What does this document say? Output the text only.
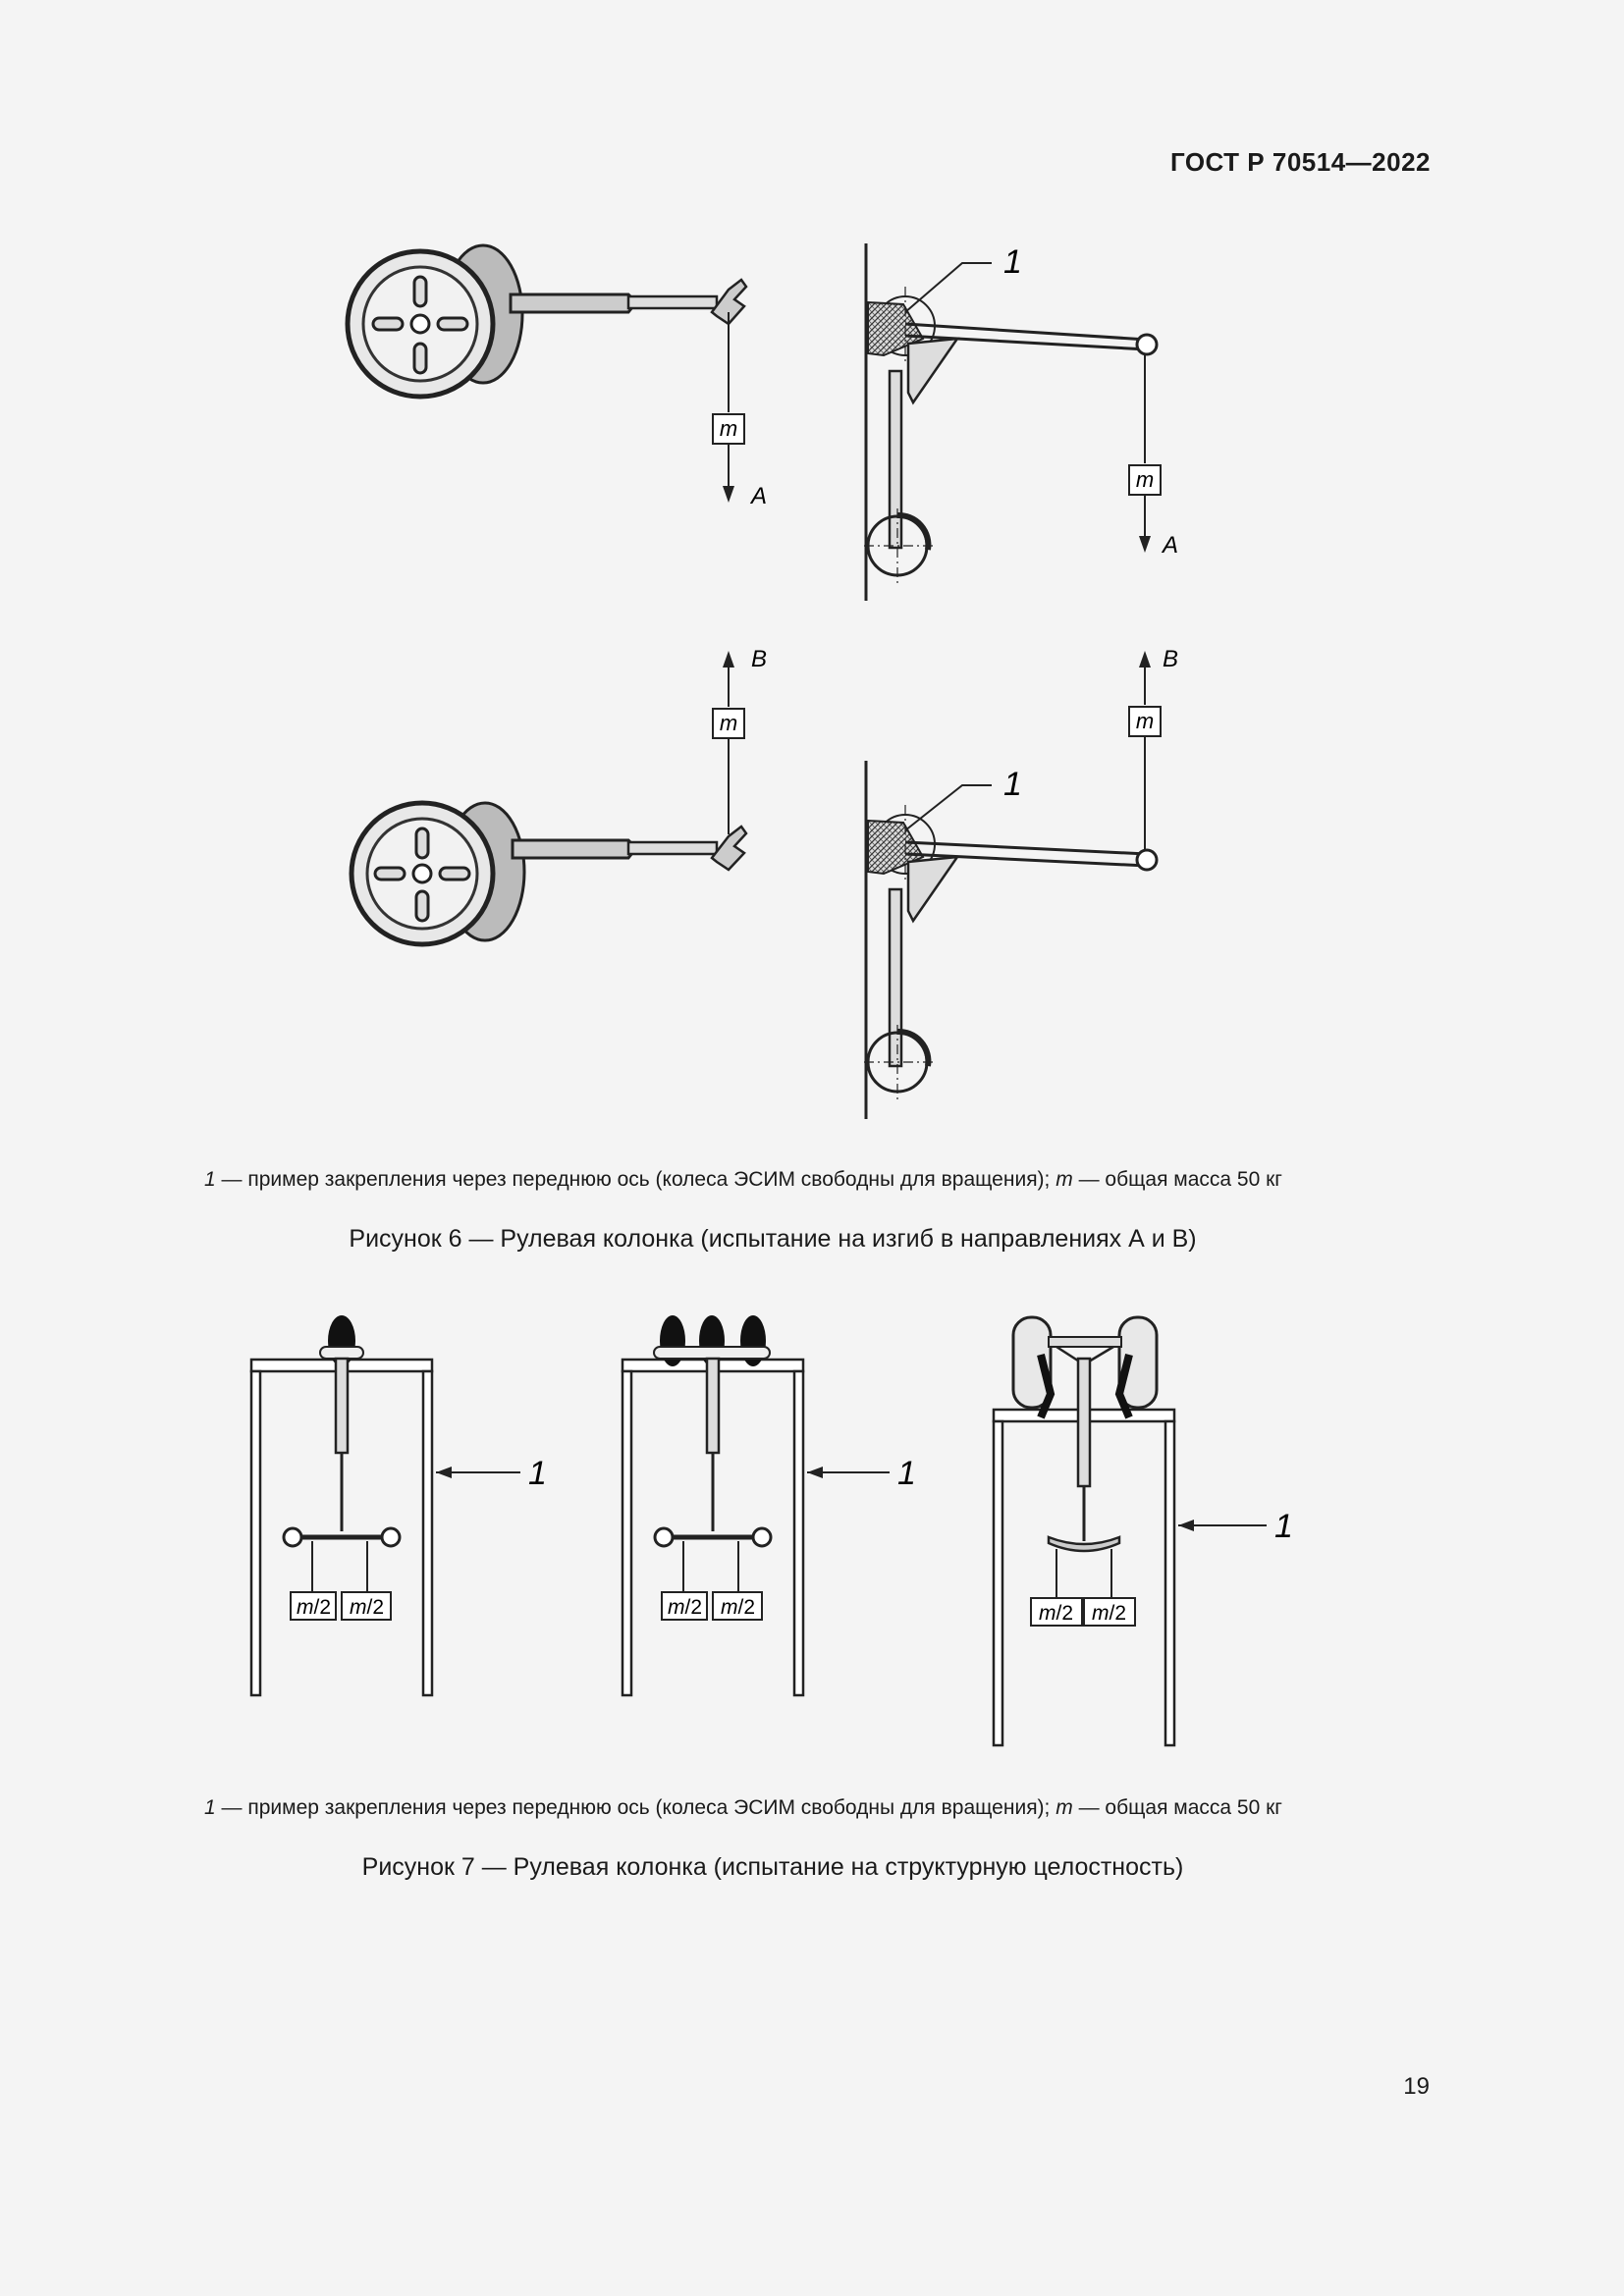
ГОСТ Р 70514—2022
m
A
1
m
A
B
m
1
B
m
1 — пример закрепления через переднюю ось (колеса ЭСИМ свободны для вращения); m — общая масса 50 кг
Рисунок 6 — Рулевая колонка (испытание на изгиб в направлениях А и В)
m/2 m/2
1
m/2 m/2
1
m/2 m/2
1
1 — пример закрепления через переднюю ось (колеса ЭСИМ свободны для вращения); m — общая масса 50 кг
Рисунок 7 — Рулевая колонка (испытание на структурную целостность)
19
